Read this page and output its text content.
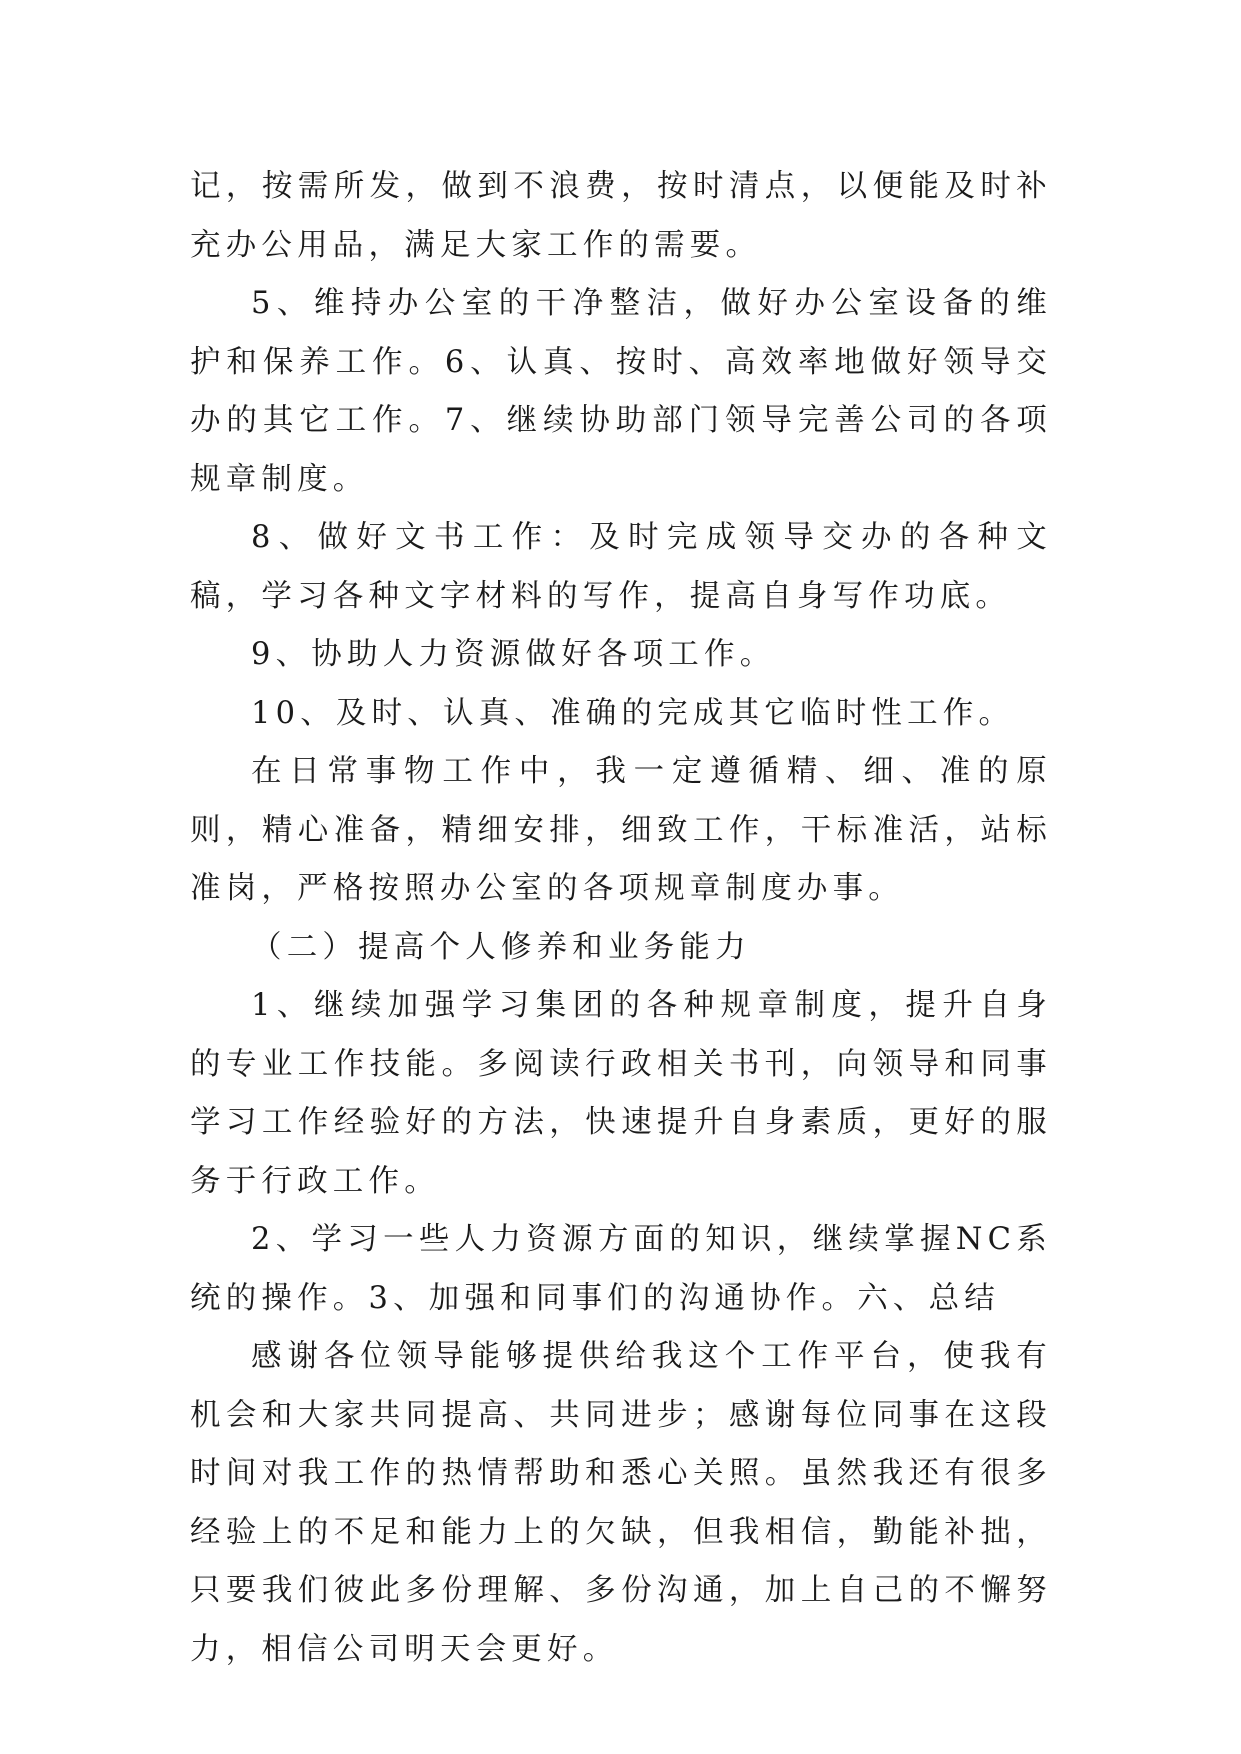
记，按需所发，做到不浪费，按时清点，以便能及时补充办公用品，满足大家工作的需要。

5、维持办公室的干净整洁，做好办公室设备的维护和保养工作。6、认真、按时、高效率地做好领导交办的其它工作。7、继续协助部门领导完善公司的各项规章制度。

8、做好文书工作：及时完成领导交办的各种文稿，学习各种文字材料的写作，提高自身写作功底。

9、协助人力资源做好各项工作。

10、及时、认真、准确的完成其它临时性工作。

在日常事物工作中，我一定遵循精、细、准的原则，精心准备，精细安排，细致工作，干标准活，站标准岗，严格按照办公室的各项规章制度办事。

（二）提高个人修养和业务能力

1、继续加强学习集团的各种规章制度，提升自身的专业工作技能。多阅读行政相关书刊，向领导和同事学习工作经验好的方法，快速提升自身素质，更好的服务于行政工作。

2、学习一些人力资源方面的知识，继续掌握NC系统的操作。3、加强和同事们的沟通协作。六、总结

感谢各位领导能够提供给我这个工作平台，使我有机会和大家共同提高、共同进步；感谢每位同事在这段时间对我工作的热情帮助和悉心关照。虽然我还有很多经验上的不足和能力上的欠缺，但我相信，勤能补拙，只要我们彼此多份理解、多份沟通，加上自己的不懈努力，相信公司明天会更好。
